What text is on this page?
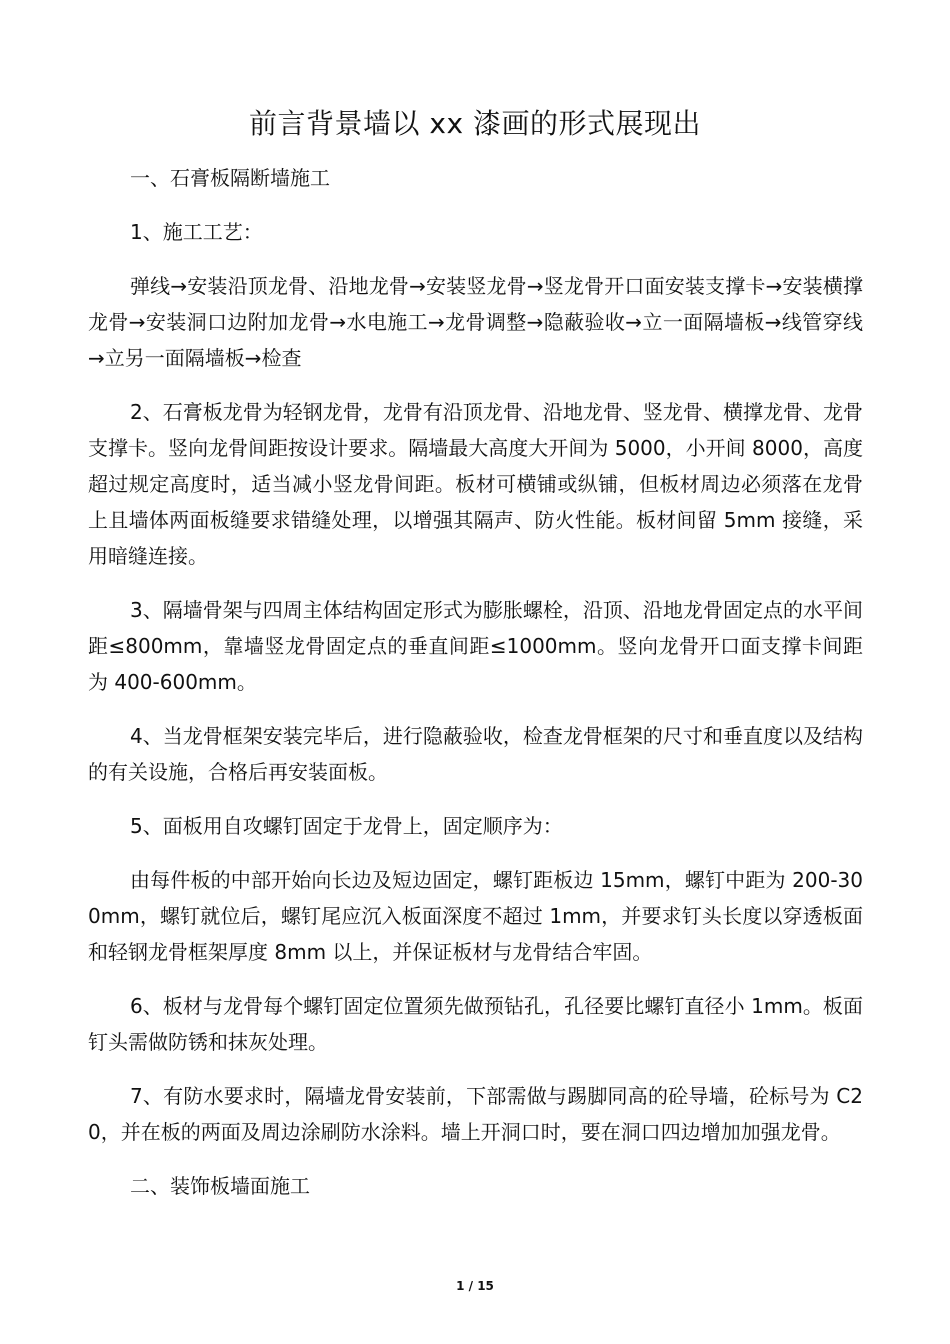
前言背景墙以 xx 漆画的形式展现出

一、石膏板隔断墙施工

1、施工工艺：

弹线→安装沿顶龙骨、沿地龙骨→安装竖龙骨→竖龙骨开口面安装支撑卡→安装横撑龙骨→安装洞口边附加龙骨→水电施工→龙骨调整→隐蔽验收→立一面隔墙板→线管穿线→立另一面隔墙板→检查

2、石膏板龙骨为轻钢龙骨，龙骨有沿顶龙骨、沿地龙骨、竖龙骨、横撑龙骨、龙骨支撑卡。竖向龙骨间距按设计要求。隔墙最大高度大开间为 5000，小开间 8000，高度超过规定高度时，适当减小竖龙骨间距。板材可横铺或纵铺，但板材周边必须落在龙骨上且墙体两面板缝要求错缝处理，以增强其隔声、防火性能。板材间留 5mm 接缝，采用暗缝连接。

3、隔墙骨架与四周主体结构固定形式为膨胀螺栓，沿顶、沿地龙骨固定点的水平间距≤800mm，靠墙竖龙骨固定点的垂直间距≤1000mm。竖向龙骨开口面支撑卡间距为 400-600mm。

4、当龙骨框架安装完毕后，进行隐蔽验收，检查龙骨框架的尺寸和垂直度以及结构的有关设施，合格后再安装面板。

5、面板用自攻螺钉固定于龙骨上，固定顺序为：

由每件板的中部开始向长边及短边固定，螺钉距板边 15mm，螺钉中距为 200-300mm，螺钉就位后，螺钉尾应沉入板面深度不超过 1mm，并要求钉头长度以穿透板面和轻钢龙骨框架厚度 8mm 以上，并保证板材与龙骨结合牢固。

6、板材与龙骨每个螺钉固定位置须先做预钻孔，孔径要比螺钉直径小 1mm。板面钉头需做防锈和抹灰处理。

7、有防水要求时，隔墙龙骨安装前，下部需做与踢脚同高的砼导墙，砼标号为 C20，并在板的两面及周边涂刷防水涂料。墙上开洞口时，要在洞口四边增加加强龙骨。

二、装饰板墙面施工

1 / 15
